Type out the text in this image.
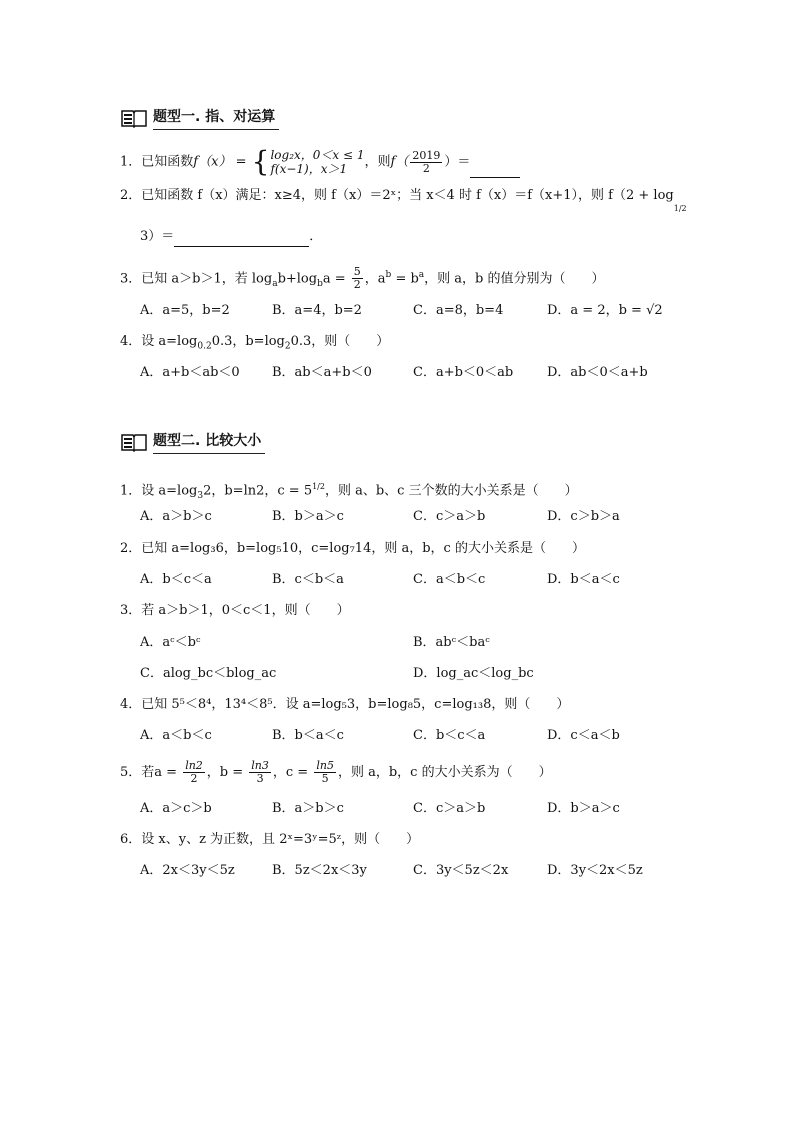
题型一. 指、对运算
1．已知函数f（x） = { log₂x，0＜x ≤ 1
f(x−1)，x＞1	，则$f( \frac{2019}{2}$ ）＝
2．已知函数 f（x）满足：x≥4，则 f（x）＝2ˣ；当 x＜4 时 f（x）＝f（x+1），则 $f(2 + \log_{1/2}$
3）＝	．
3．已知 a＞b＞1，若 $\log_ab+\log_ba = \frac{5}{2}$ ，$a^b = b^a$，则 a，b 的值分别为（　　）
A．a=5，b=2	B．a=4，b=2	C．a=8，b=4	D．a = 2，b = √2
4．设 $a=\log_{0.2}0.3$，$b=\log_20.3$，则（　　）
A．a+b＜ab＜0 B．ab＜a+b＜0	C．a+b＜0＜ab	D．ab＜0＜a+b
题型二. 比较大小
1．设 $a=\log_32$，b=ln2，$c = 5^{1/2}$，则 a、b、c 三个数的大小关系是（　　）
A．a＞b＞c	B．b＞a＞c	C．c＞a＞b	D．c＞b＞a
2．已知 a=log₃6，b=log₅10，c=log₇14，则 a，b，c 的大小关系是（　　）
A．b＜c＜a	B．c＜b＜a	C．a＜b＜c	D．b＜a＜c
3．若 a＞b＞1，0＜c＜1，则（　　）
A．aᶜ＜bᶜ	B．abᶜ＜baᶜ
C．alog_bc＜blog_ac	D．log_ac＜log_bc
4．已知 5⁵＜8⁴，13⁴＜8⁵．设 a=log₅3，b=log₈5，c=log₁₃8，则（　　）
A．a＜b＜c	B．b＜a＜c	C．b＜c＜a	D．c＜a＜b
5．若$a = \frac{\ln 2}{2}$ ，$b = \frac{\ln 3}{3}$ ，$c = \frac{\ln 5}{5}$ ，则 a，b，c 的大小关系为（　　）
A．a＞c＞b	B．a＞b＞c	C．c＞a＞b	D．b＞a＞c
6．设 x、y、z 为正数，且 2ˣ=3ʸ=5ᶻ，则（　　）
A．2x＜3y＜5z	B．5z＜2x＜3y	C．3y＜5z＜2x	D．3y＜2x＜5z
